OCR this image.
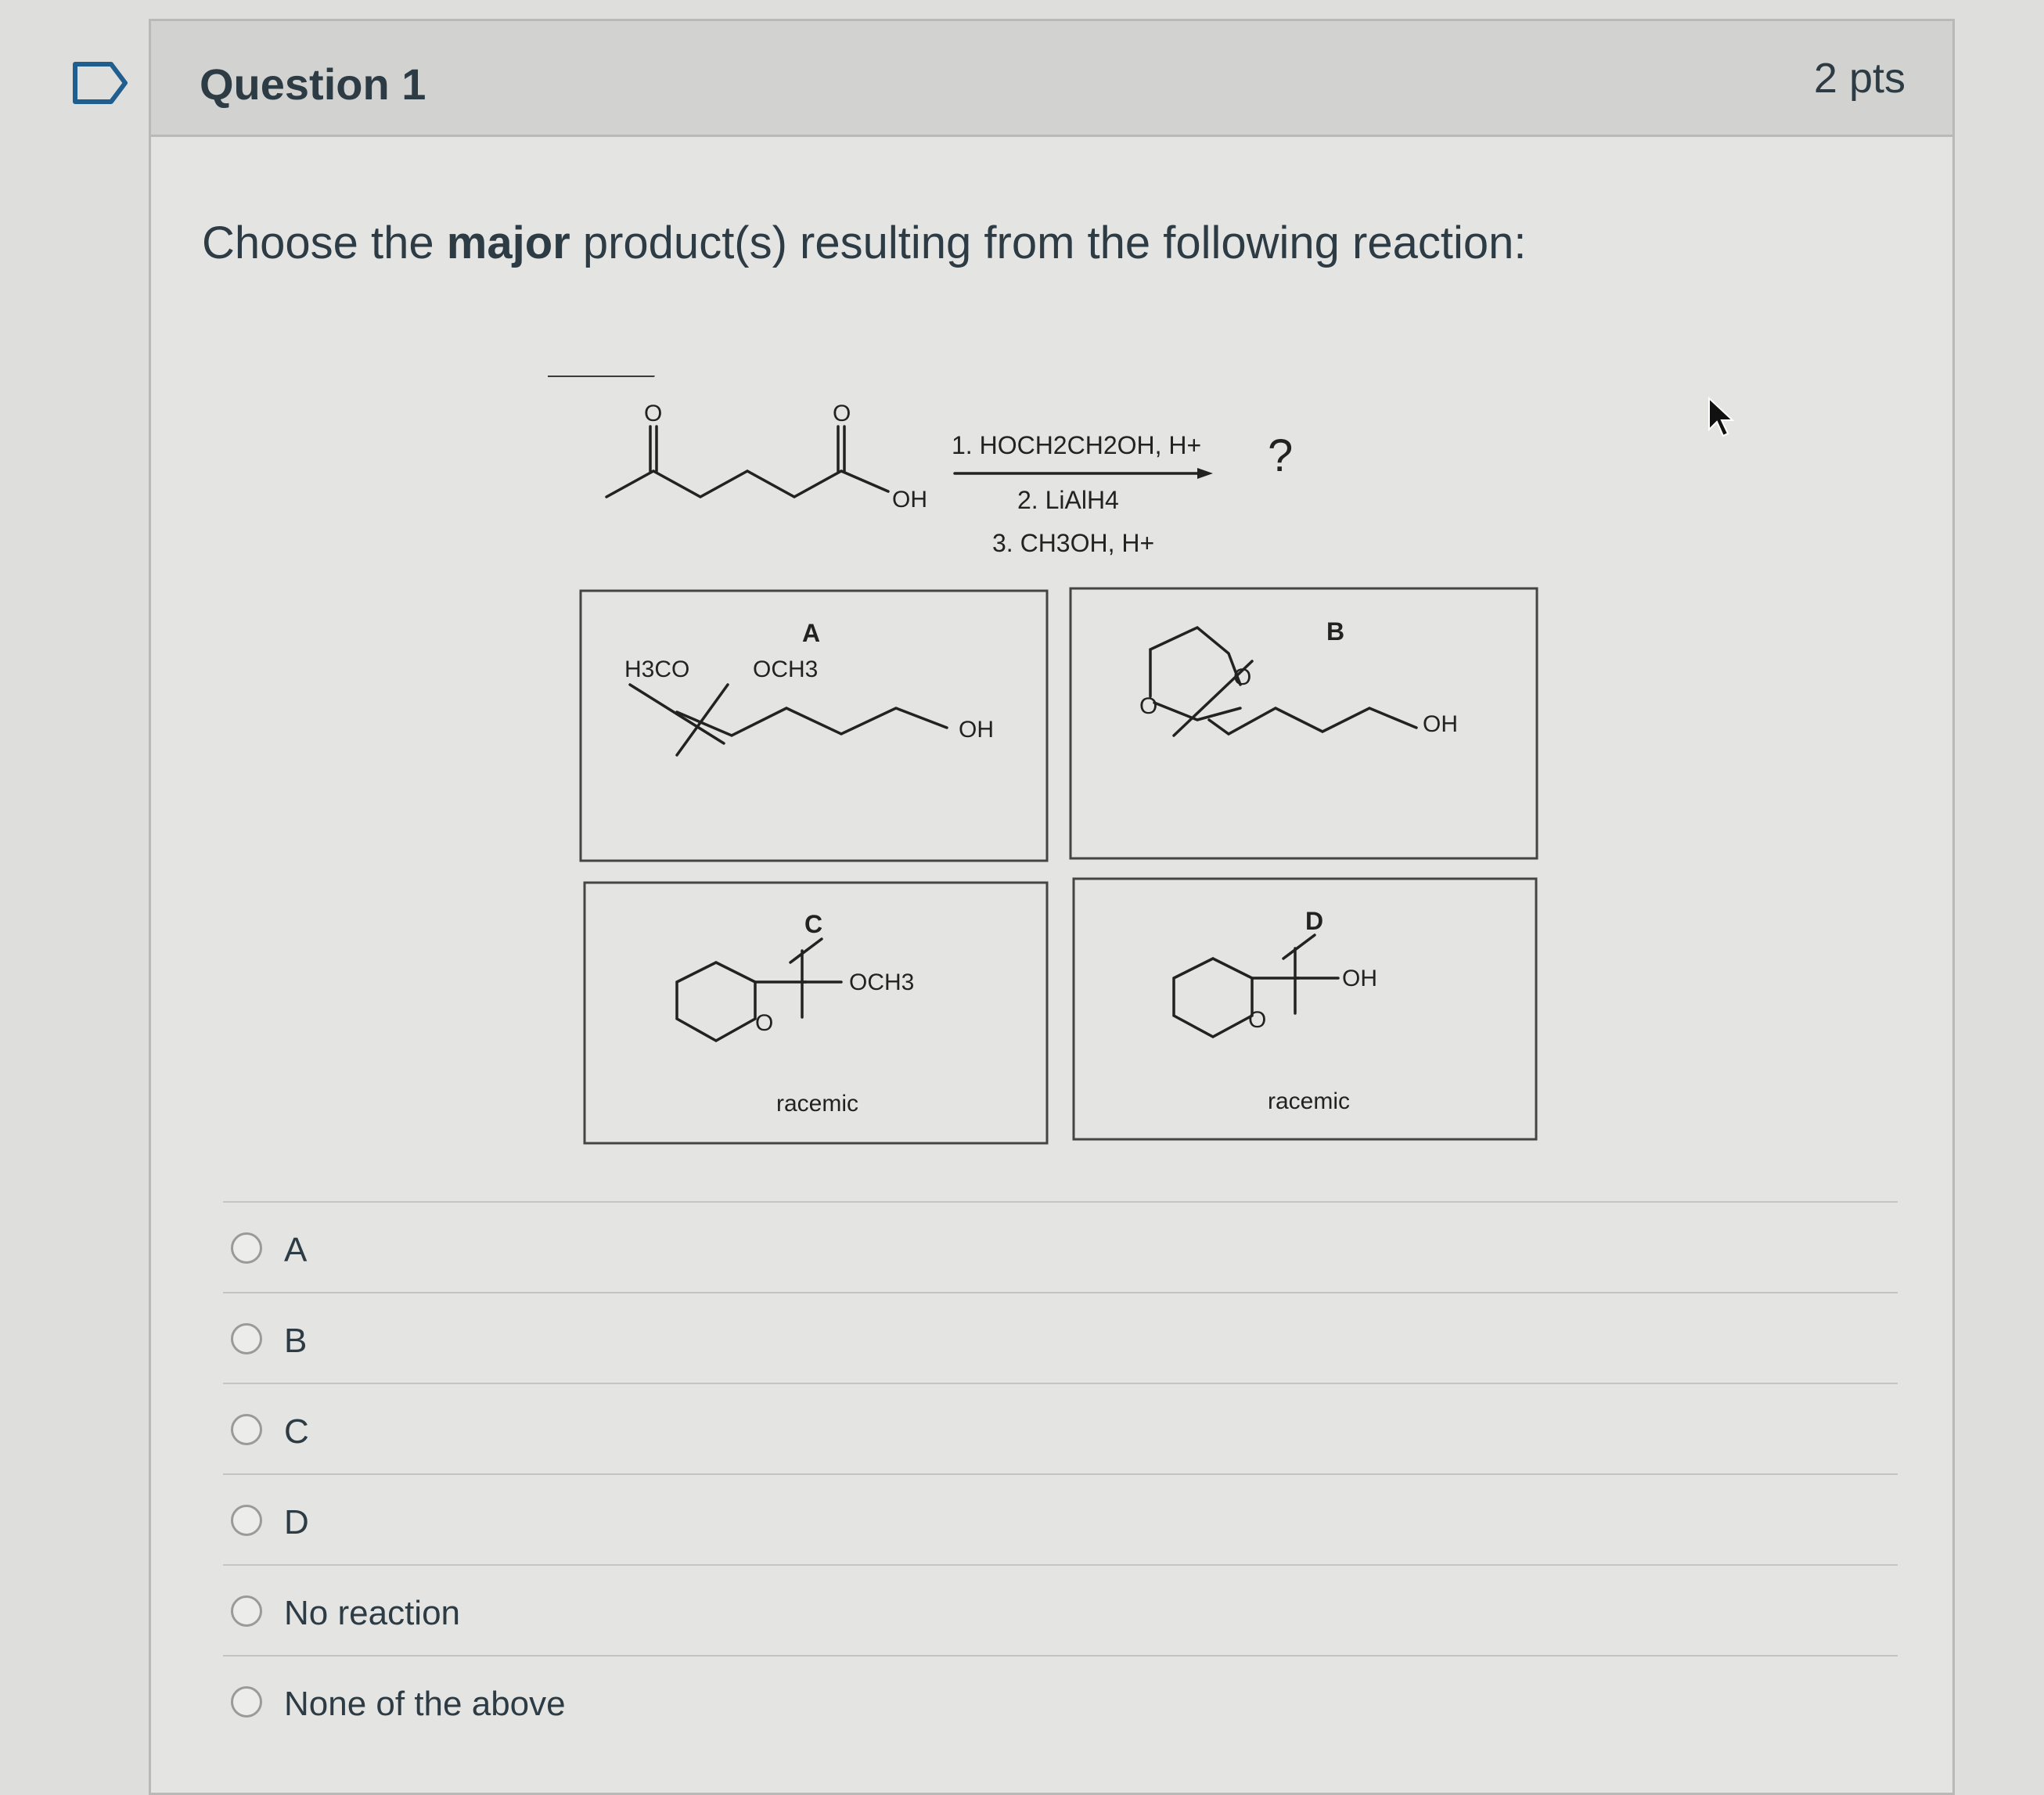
Question 1	2 pts
Choose the major product(s) resulting from the following reaction:
O	O
OH
1. HOCH2CH2OH, H+
2. LiAlH4
3. CH3OH, H+
?
A	B
C	D
H3CO	OCH3
OH
O
O
OH
OCH3
O
racemic
OH
O
racemic
A
B
C
D
No reaction
None of the above
